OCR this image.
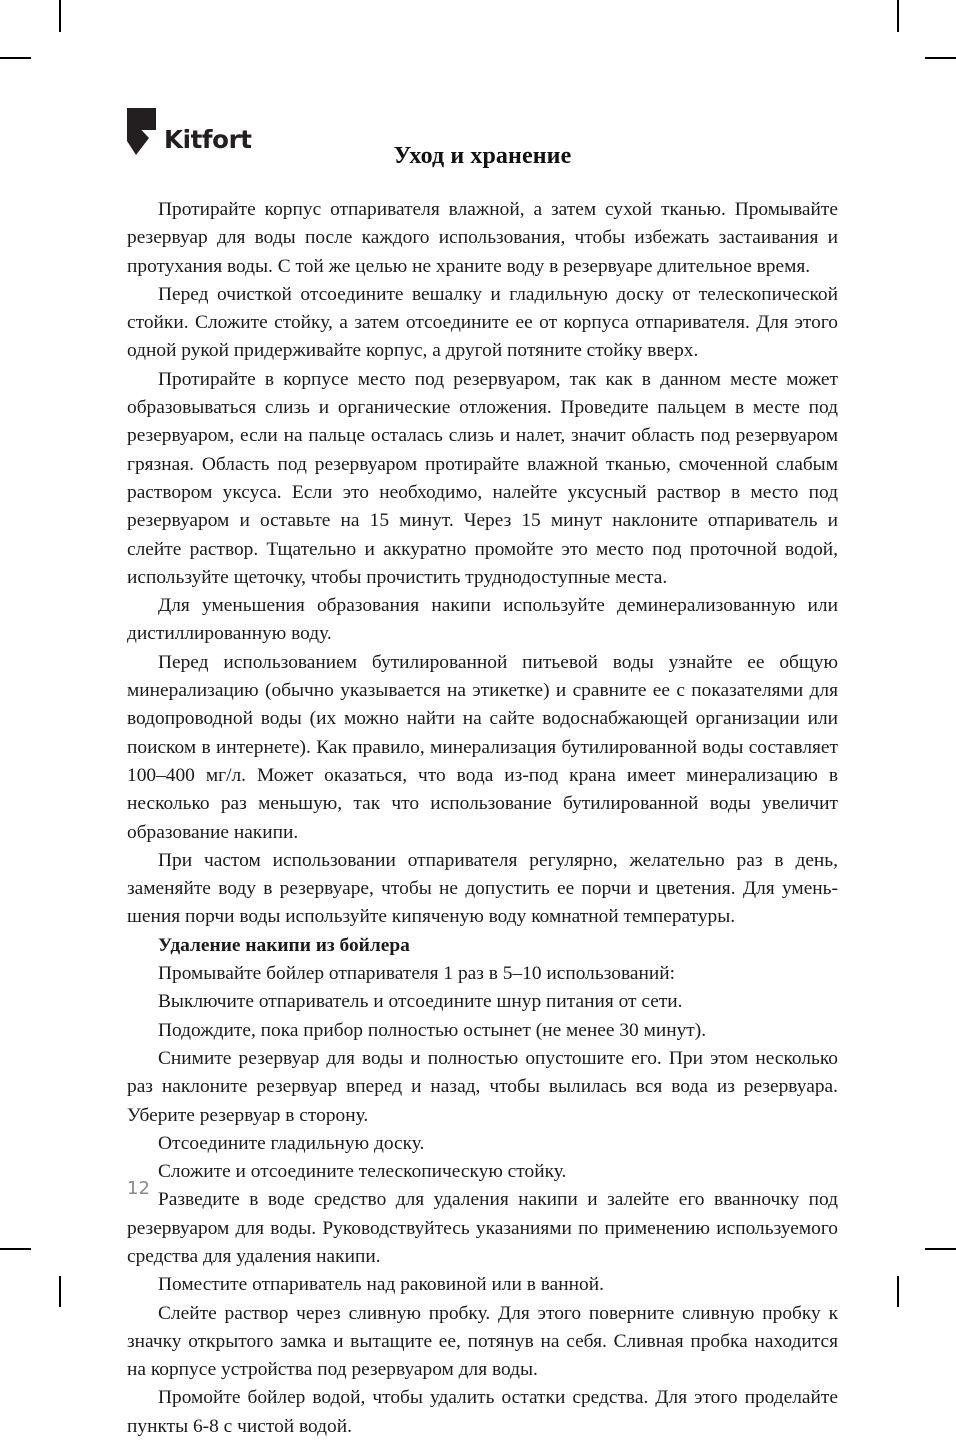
Kitfort
Уход и хранение

Протирайте корпус отпаривателя влажной, а затем сухой тканью. Промывайте резервуар для воды после каждого использования, чтобы избежать застаивания и протухания воды. С той же целью не храните воду в резервуаре длительное время.

Перед очисткой отсоедините вешалку и гладильную доску от телескопической стойки. Сложите стойку, а затем отсоедините ее от корпуса отпаривателя. Для этого одной рукой придерживайте корпус, а другой потяните стойку вверх.

Протирайте в корпусе место под резервуаром, так как в данном месте может образовываться слизь и органические отложения. Проведите пальцем в месте под резервуаром, если на пальце осталась слизь и налет, значит область под резервуаром грязная. Область под резервуаром протирайте влажной тканью, смоченной слабым раствором уксуса. Если это необходимо, налейте уксусный раствор в место под резервуаром и оставьте на 15 минут. Через 15 минут наклоните отпариватель и слейте раствор. Тщательно и аккуратно промойте это место под проточной водой, используйте щеточку, чтобы прочистить труднодоступные места.

Для уменьшения образования накипи используйте деминерализованную или дистиллированную воду.

Перед использованием бутилированной питьевой воды узнайте ее общую минерализацию (обычно указывается на этикетке) и сравните ее с показателями для водопроводной воды (их можно найти на сайте водоснабжающей организации или поиском в интернете). Как правило, минерализация бутилированной воды составляет 100–400 мг/л. Может оказаться, что вода из-под крана имеет минерализацию в несколько раз меньшую, так что использование бутилированной воды увеличит образование накипи.

При частом использовании отпаривателя регулярно, желательно раз в день, заменяйте воду в резервуаре, чтобы не допустить ее порчи и цветения. Для уменьшения порчи воды используйте кипяченую воду комнатной температуры.

Удаление накипи из бойлера

Промывайте бойлер отпаривателя 1 раз в 5–10 использований:

Выключите отпариватель и отсоедините шнур питания от сети.

Подождите, пока прибор полностью остынет (не менее 30 минут).

Снимите резервуар для воды и полностью опустошите его. При этом несколько раз наклоните резервуар вперед и назад, чтобы вылилась вся вода из резервуара. Уберите резервуар в сторону.

Отсоедините гладильную доску.

Сложите и отсоедините телескопическую стойку.

Разведите в воде средство для удаления накипи и залейте его вванночку под резервуаром для воды. Руководствуйтесь указаниями по применению используемого средства для удаления накипи.

Поместите отпариватель над раковиной или в ванной.

Слейте раствор через сливную пробку. Для этого поверните сливную пробку к значку открытого замка и вытащите ее, потянув на себя. Сливная пробка находится на корпусе устройства под резервуаром для воды.

Промойте бойлер водой, чтобы удалить остатки средства. Для этого проделайте пункты 6-8 с чистой водой.

12
